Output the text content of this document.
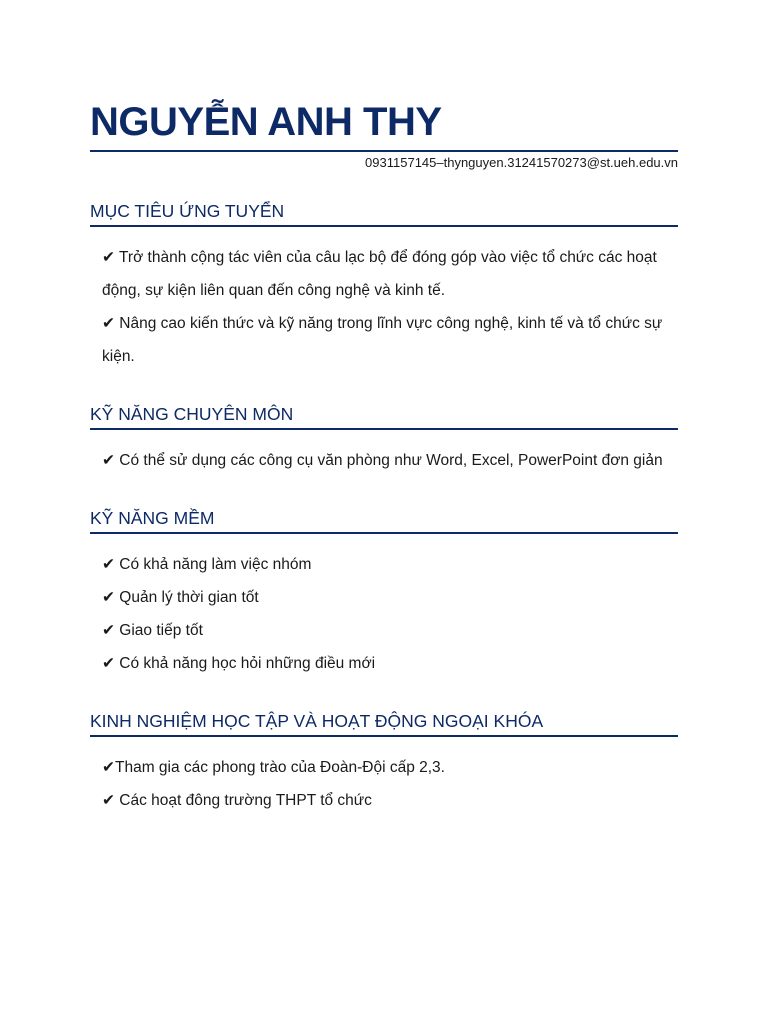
NGUYỄN ANH THY
0931157145–thynguyen.31241570273@st.ueh.edu.vn
MỤC TIÊU ỨNG TUYỂN
✔ Trở thành cộng tác viên của câu lạc bộ để đóng góp vào việc tổ chức các hoạt động, sự kiện liên quan đến công nghệ và kinh tế.
✔ Nâng cao kiến thức và kỹ năng trong lĩnh vực công nghệ, kinh tế và tổ chức sự kiện.
KỸ NĂNG CHUYÊN MÔN
✔ Có thể sử dụng các công cụ văn phòng như Word, Excel, PowerPoint đơn giản
KỸ NĂNG MỀM
✔ Có khả năng làm việc nhóm
✔ Quản lý thời gian tốt
✔ Giao tiếp tốt
✔ Có khả năng học hỏi những điều mới
KINH NGHIỆM HỌC TẬP VÀ HOẠT ĐỘNG NGOẠI KHÓA
✔Tham gia các phong trào của Đoàn-Đội cấp 2,3.
✔ Các hoạt đông trường THPT tổ chức
